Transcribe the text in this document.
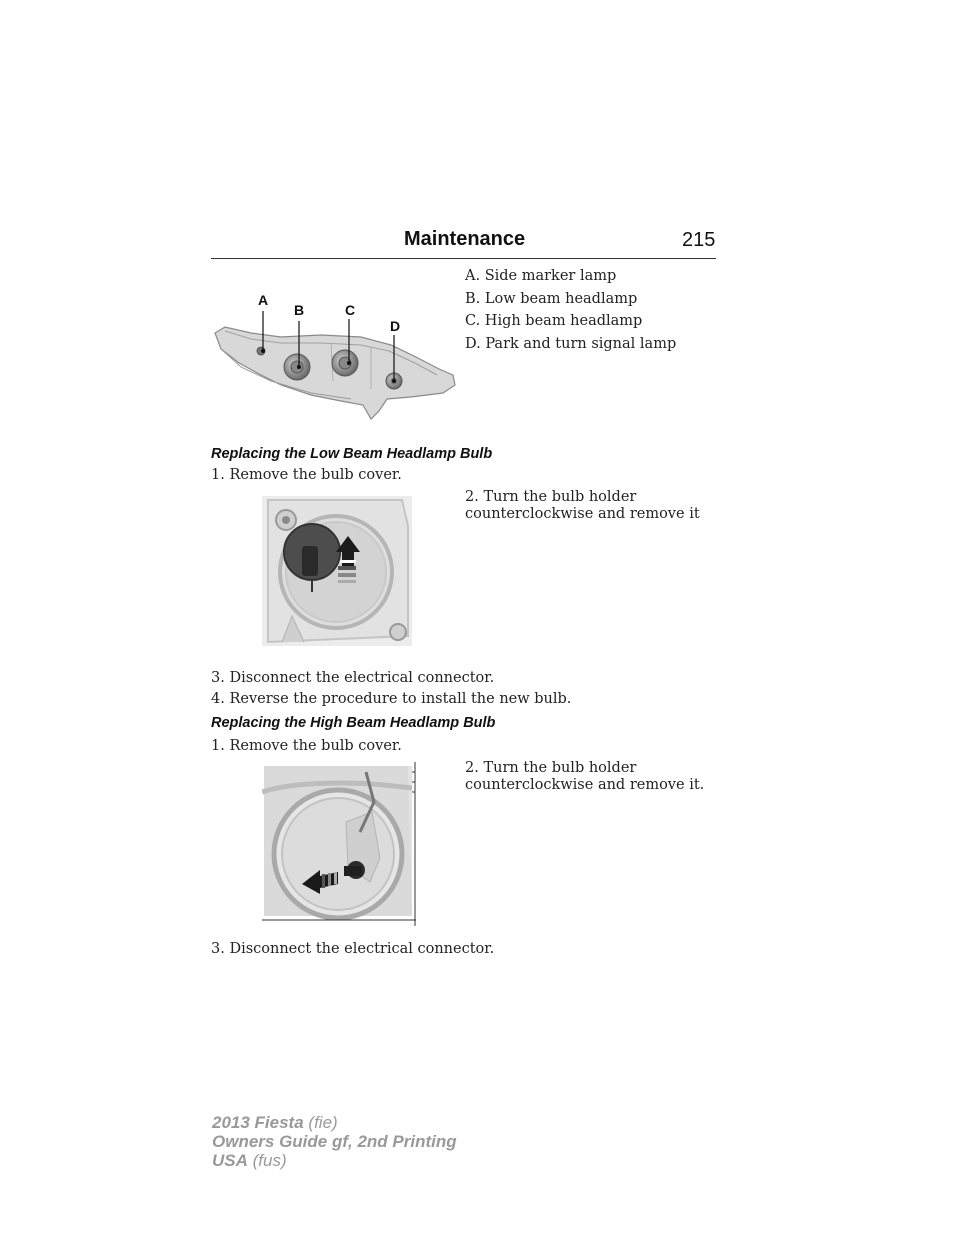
Maintenance	215
A
B	C
D
A. Side marker lamp
B. Low beam headlamp
C. High beam headlamp
D. Park and turn signal lamp
Replacing the Low Beam Headlamp Bulb
1. Remove the bulb cover.
2. Turn the bulb holder counterclockwise and remove it
3. Disconnect the electrical connector.
4. Reverse the procedure to install the new bulb.
Replacing the High Beam Headlamp Bulb
1. Remove the bulb cover.
2. Turn the bulb holder counterclockwise and remove it.
3. Disconnect the electrical connector.
2013 Fiesta (fie)
Owners Guide gf, 2nd Printing
USA (fus)
